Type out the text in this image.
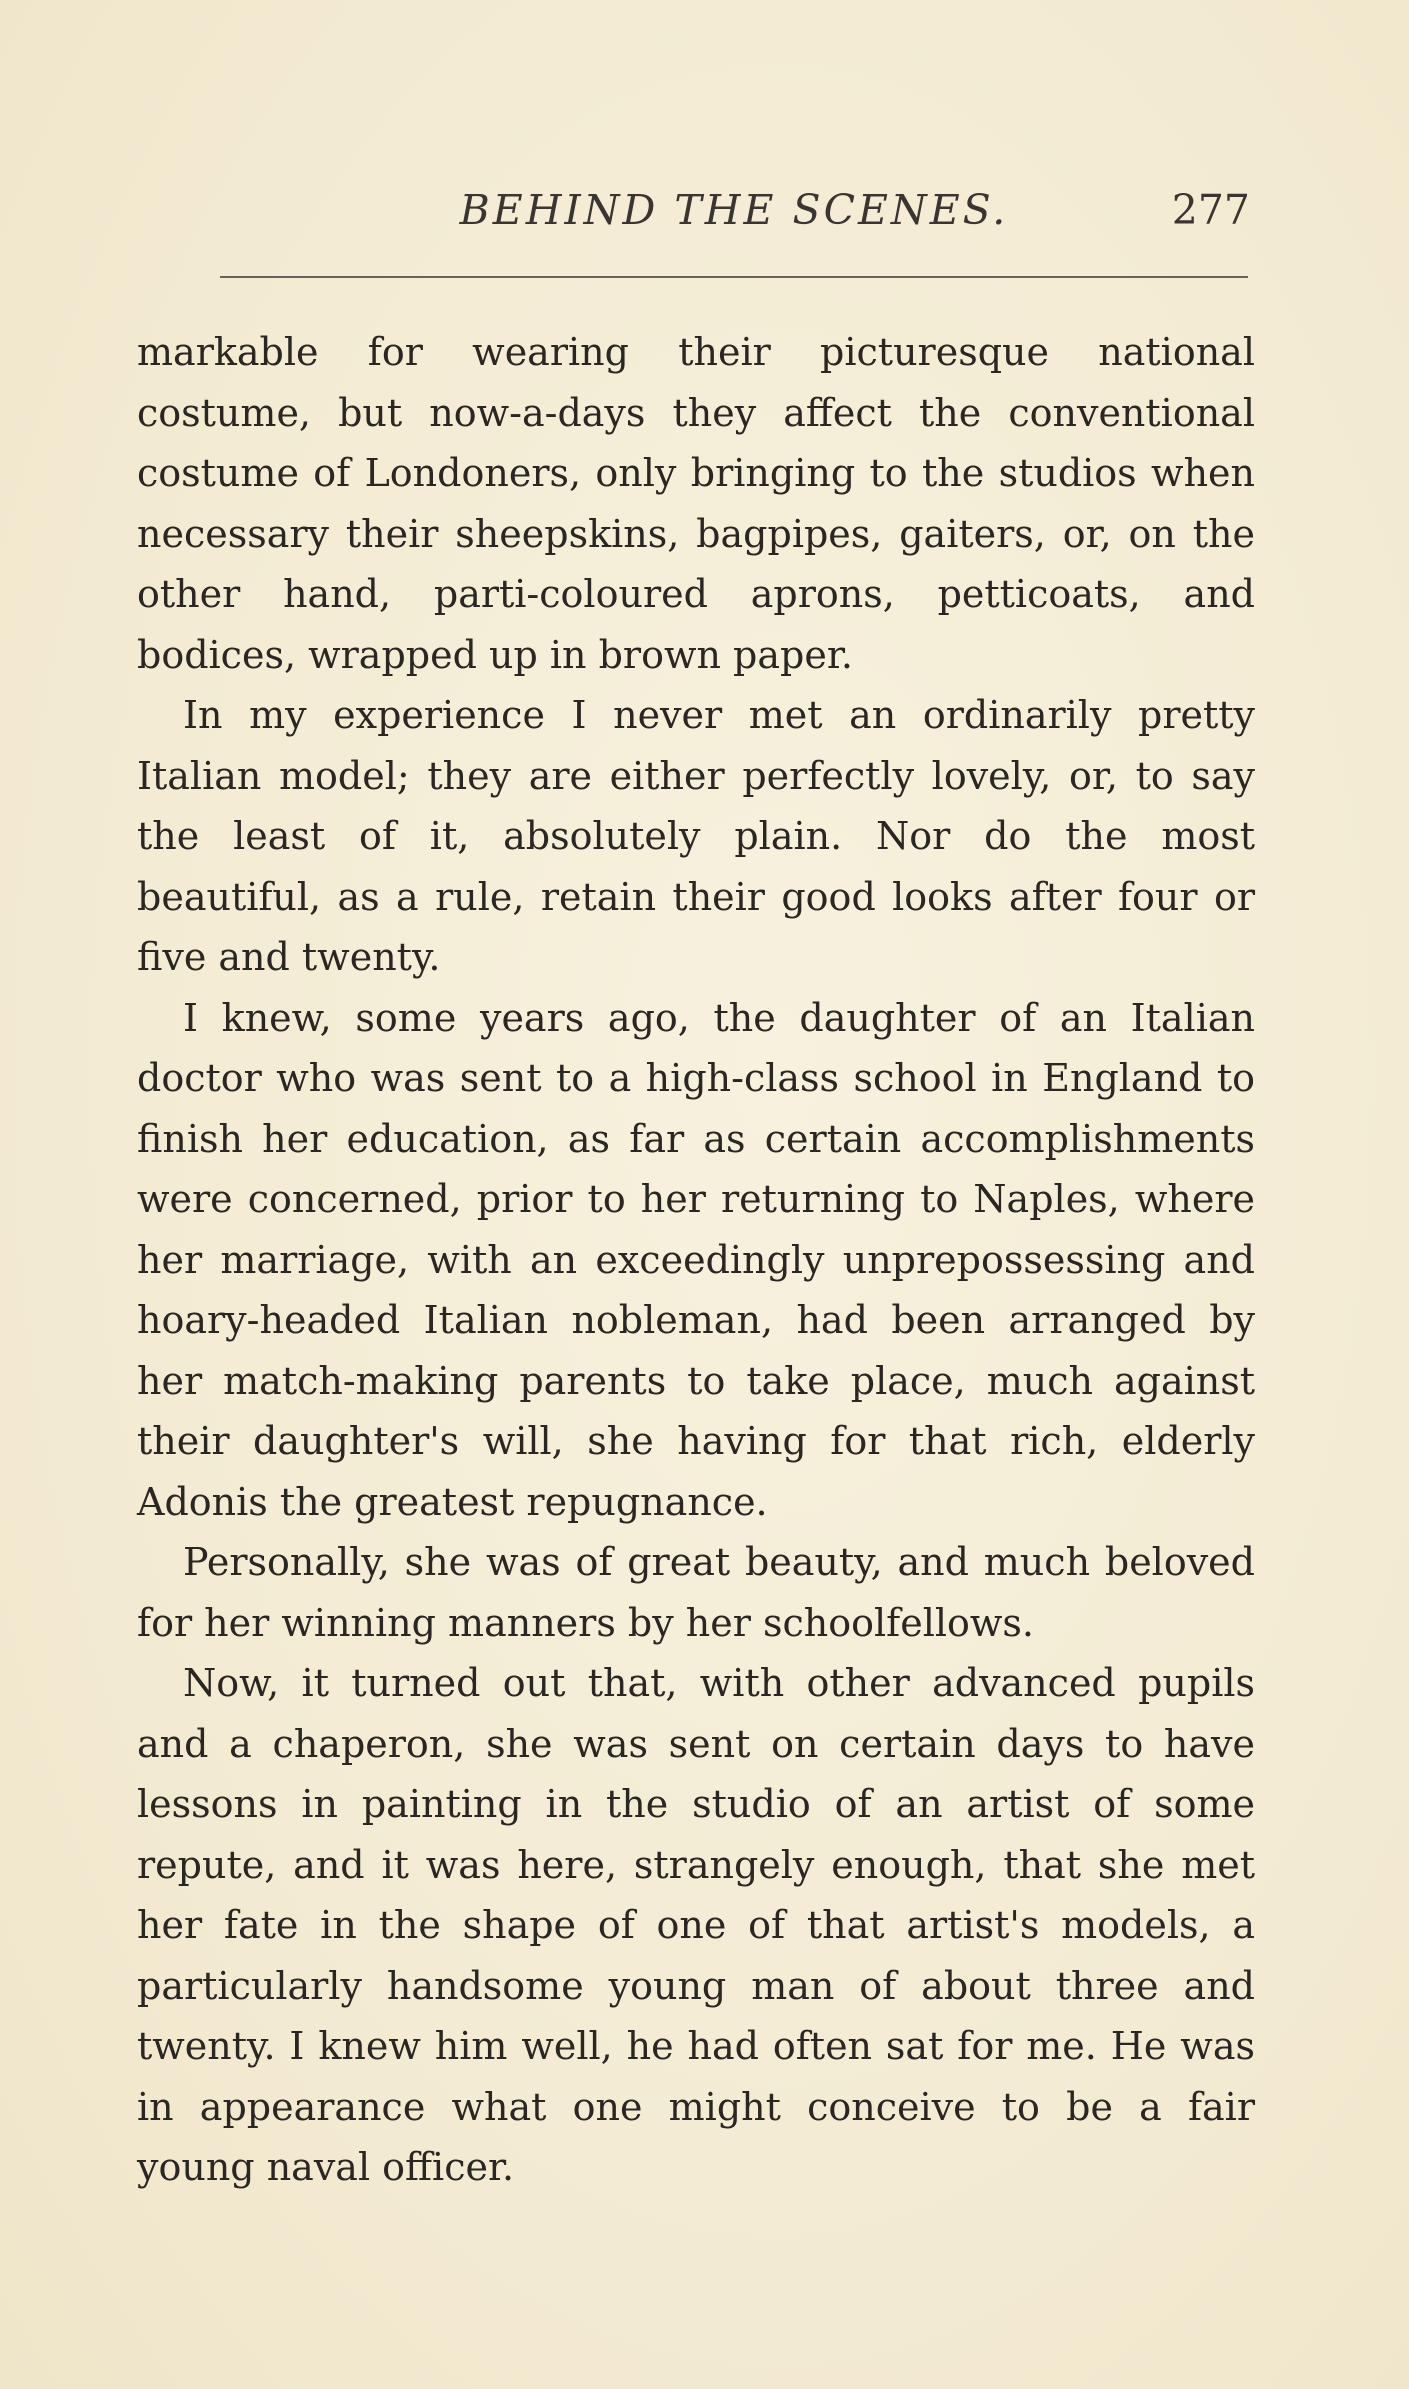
BEHIND THE SCENES.	277

markable for wearing their picturesque national costume, but now-a-days they affect the conventional costume of Londoners, only bringing to the studios when necessary their sheepskins, bagpipes, gaiters, or, on the other hand, parti-coloured aprons, petticoats, and bodices, wrapped up in brown paper.

In my experience I never met an ordinarily pretty Italian model; they are either perfectly lovely, or, to say the least of it, absolutely plain. Nor do the most beautiful, as a rule, retain their good looks after four or five and twenty.

I knew, some years ago, the daughter of an Italian doctor who was sent to a high-class school in England to finish her education, as far as certain accomplishments were concerned, prior to her returning to Naples, where her marriage, with an exceedingly unprepossessing and hoary-headed Italian nobleman, had been arranged by her match-making parents to take place, much against their daughter's will, she having for that rich, elderly Adonis the greatest repugnance.

Personally, she was of great beauty, and much beloved for her winning manners by her schoolfellows.

Now, it turned out that, with other advanced pupils and a chaperon, she was sent on certain days to have lessons in painting in the studio of an artist of some repute, and it was here, strangely enough, that she met her fate in the shape of one of that artist's models, a particularly handsome young man of about three and twenty. I knew him well, he had often sat for me. He was in appearance what one might conceive to be a fair young naval officer.
